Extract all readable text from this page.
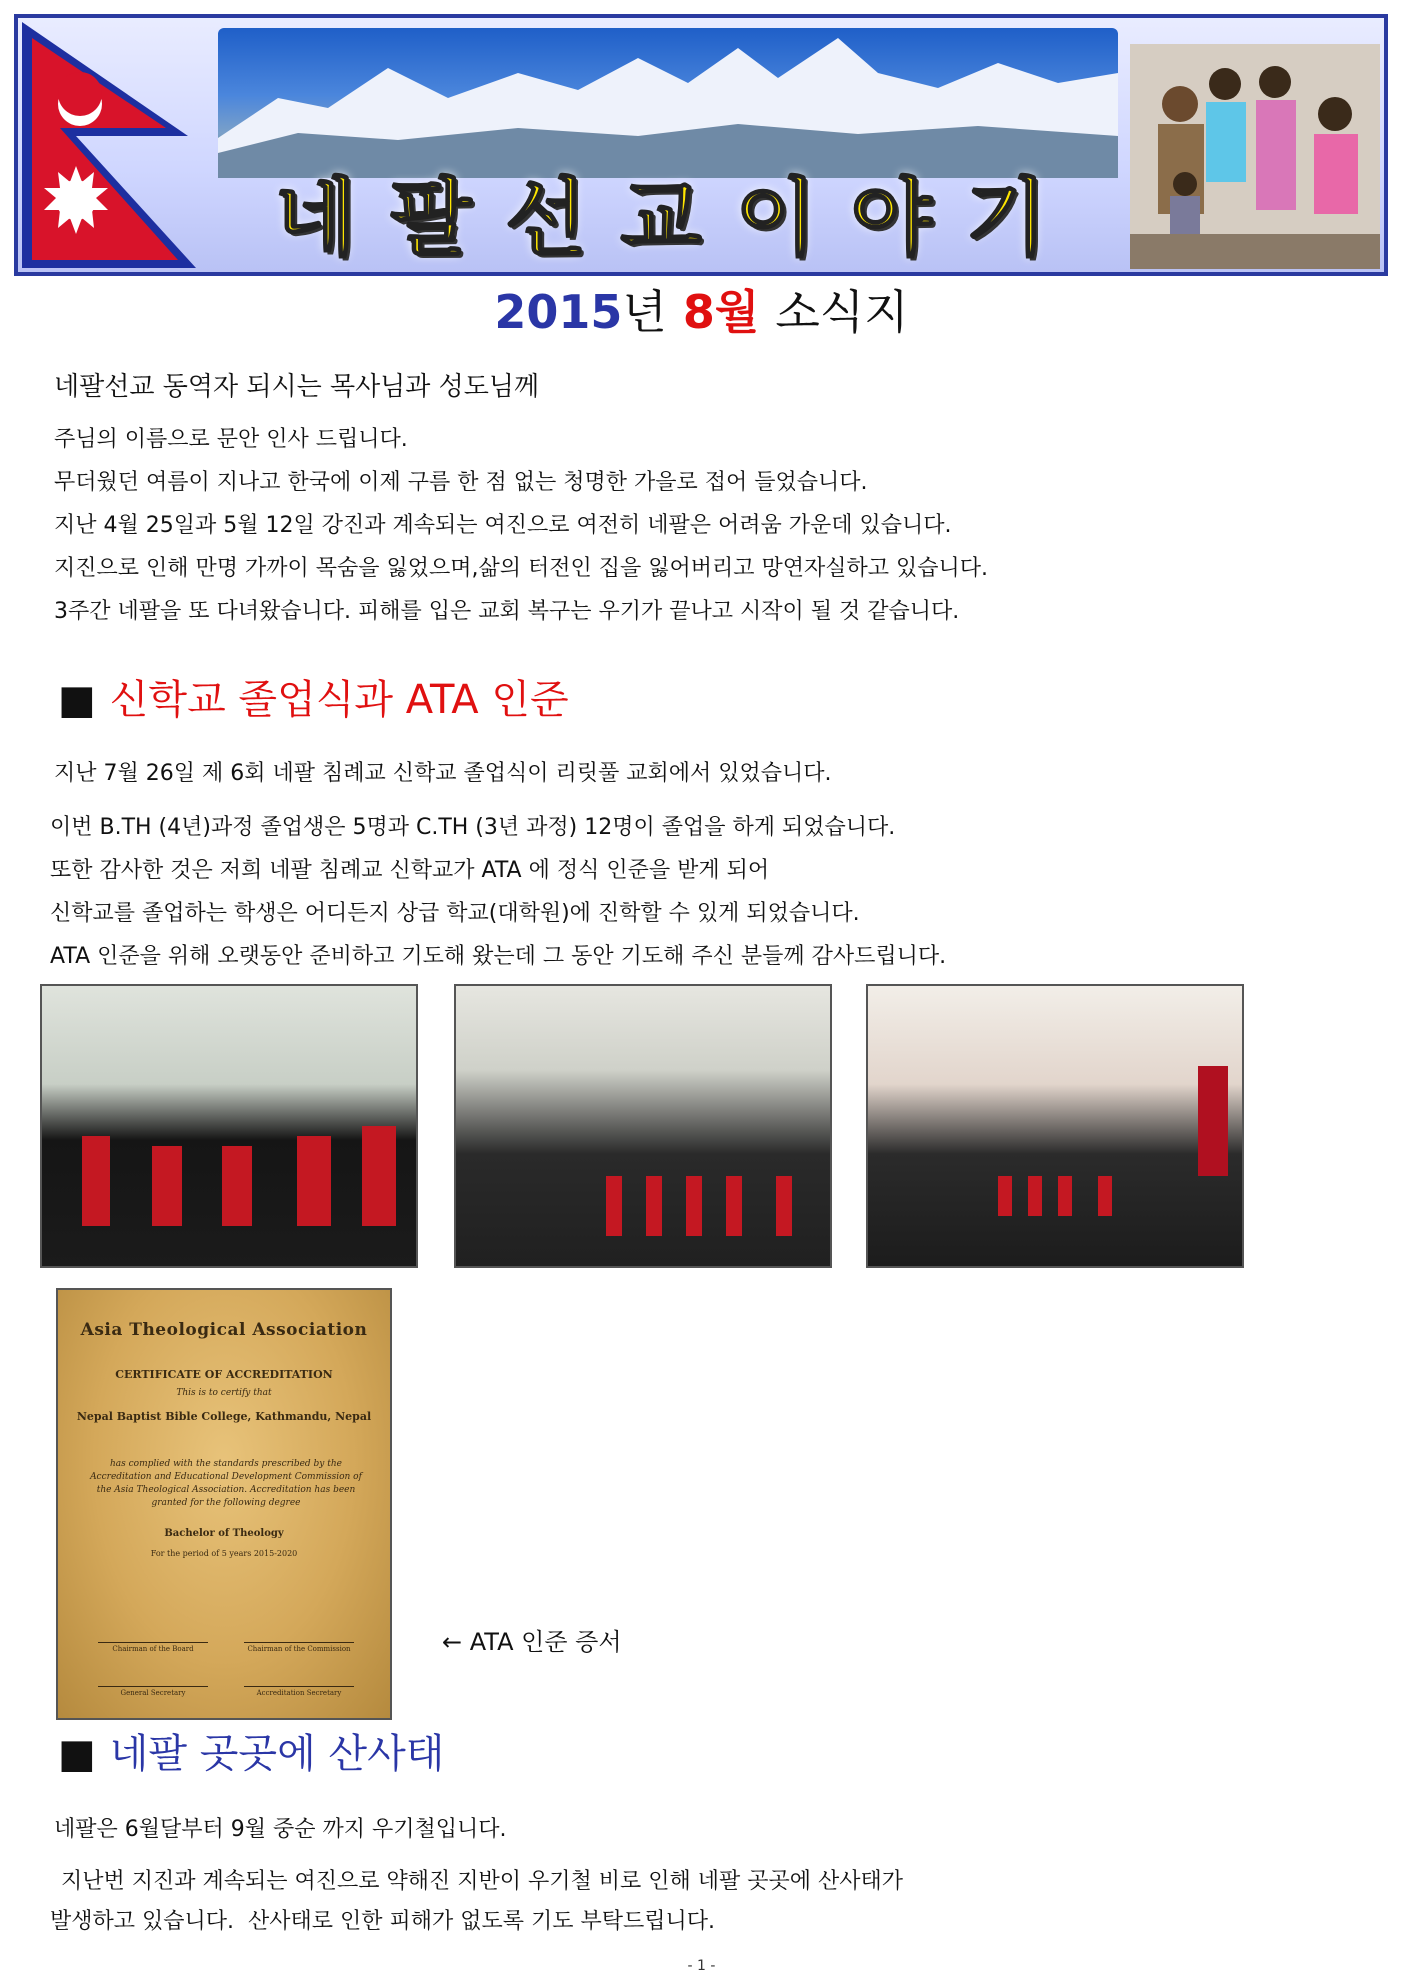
네팔선교이야기
2015년 8월 소식지
네팔선교 동역자 되시는 목사님과 성도님께
주님의 이름으로 문안 인사 드립니다.
무더웠던 여름이 지나고 한국에 이제 구름 한 점 없는 청명한 가을로 접어 들었습니다.
지난 4월 25일과 5월 12일 강진과 계속되는 여진으로 여전히 네팔은 어려움 가운데 있습니다.
지진으로 인해 만명 가까이 목숨을 잃었으며,삶의 터전인 집을 잃어버리고 망연자실하고 있습니다.
3주간 네팔을 또 다녀왔습니다. 피해를 입은 교회 복구는 우기가 끝나고 시작이 될 것 같습니다.
■ 신학교 졸업식과 ATA 인준
지난 7월 26일 제 6회 네팔 침례교 신학교 졸업식이 리릿풀 교회에서 있었습니다.
이번 B.TH (4년)과정 졸업생은 5명과 C.TH (3년 과정) 12명이 졸업을 하게 되었습니다.
또한 감사한 것은 저희 네팔 침례교 신학교가 ATA 에 정식 인준을 받게 되어
신학교를 졸업하는 학생은 어디든지 상급 학교(대학원)에 진학할 수 있게 되었습니다.
ATA 인준을 위해 오랫동안 준비하고 기도해 왔는데 그 동안 기도해 주신 분들께 감사드립니다.
Asia Theological Association
CERTIFICATE OF ACCREDITATION
This is to certify that
Nepal Baptist Bible College, Kathmandu, Nepal
has complied with the standards prescribed by the Accreditation and Educational Development Commission of the Asia Theological Association. Accreditation has been granted for the following degree
Bachelor of Theology
For the period of 5 years 2015-2020
Chairman of the Board	Chairman of the Commission
General Secretary	Accreditation Secretary
← ATA 인준 증서
■ 네팔 곳곳에 산사태
네팔은 6월달부터 9월 중순 까지 우기철입니다.
지난번 지진과 계속되는 여진으로 약해진 지반이 우기철 비로 인해 네팔 곳곳에 산사태가
발생하고 있습니다.  산사태로 인한 피해가 없도록 기도 부탁드립니다.
- 1 -
